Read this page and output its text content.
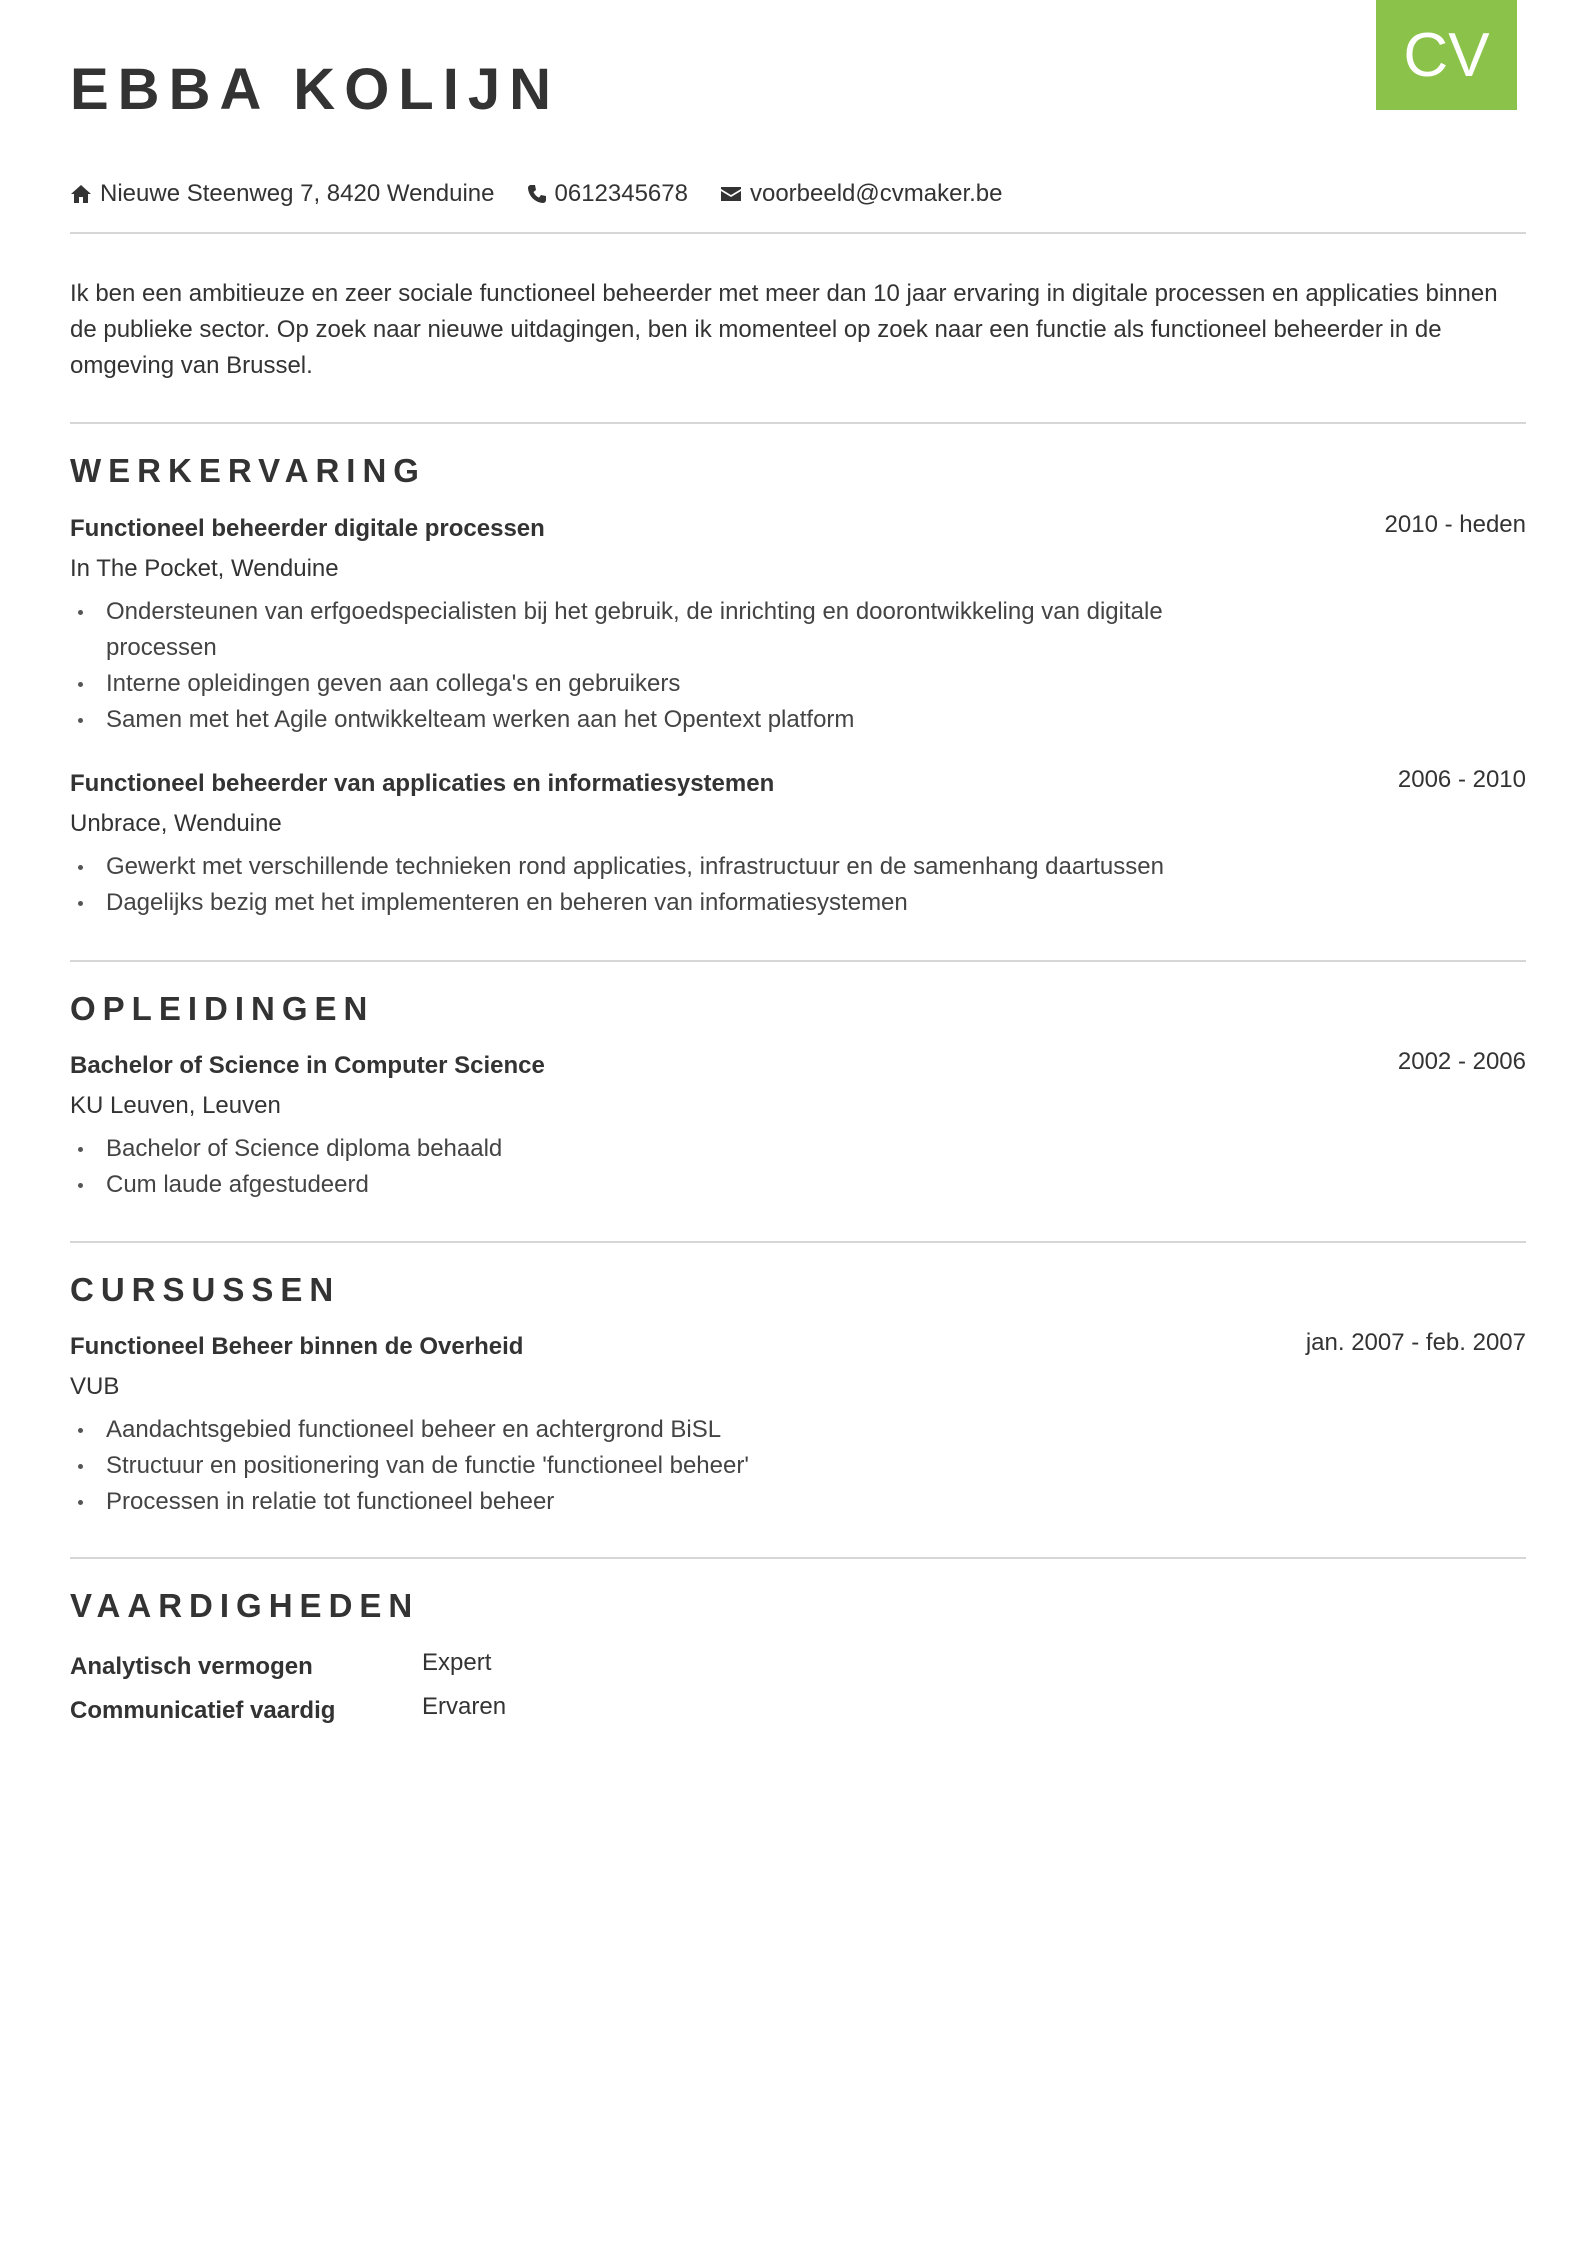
CV
EBBA KOLIJN
Nieuwe Steenweg 7, 8420 Wenduine	0612345678	voorbeeld@cvmaker.be

Ik ben een ambitieuze en zeer sociale functioneel beheerder met meer dan 10 jaar ervaring in digitale processen en applicaties binnen de publieke sector. Op zoek naar nieuwe uitdagingen, ben ik momenteel op zoek naar een functie als functioneel beheerder in de omgeving van Brussel.

WERKERVARING
Functioneel beheerder digitale processen	2010 - heden
In The Pocket, Wenduine
Ondersteunen van erfgoedspecialisten bij het gebruik, de inrichting en doorontwikkeling van digitale processen
Interne opleidingen geven aan collega's en gebruikers
Samen met het Agile ontwikkelteam werken aan het Opentext platform
Functioneel beheerder van applicaties en informatiesystemen	2006 - 2010
Unbrace, Wenduine
Gewerkt met verschillende technieken rond applicaties, infrastructuur en de samenhang daartussen
Dagelijks bezig met het implementeren en beheren van informatiesystemen
OPLEIDINGEN
Bachelor of Science in Computer Science	2002 - 2006
KU Leuven, Leuven
Bachelor of Science diploma behaald
Cum laude afgestudeerd
CURSUSSEN
Functioneel Beheer binnen de Overheid	jan. 2007 - feb. 2007
VUB
Aandachtsgebied functioneel beheer en achtergrond BiSL
Structuur en positionering van de functie 'functioneel beheer'
Processen in relatie tot functioneel beheer
VAARDIGHEDEN
Analytisch vermogen	Expert
Communicatief vaardig	Ervaren
